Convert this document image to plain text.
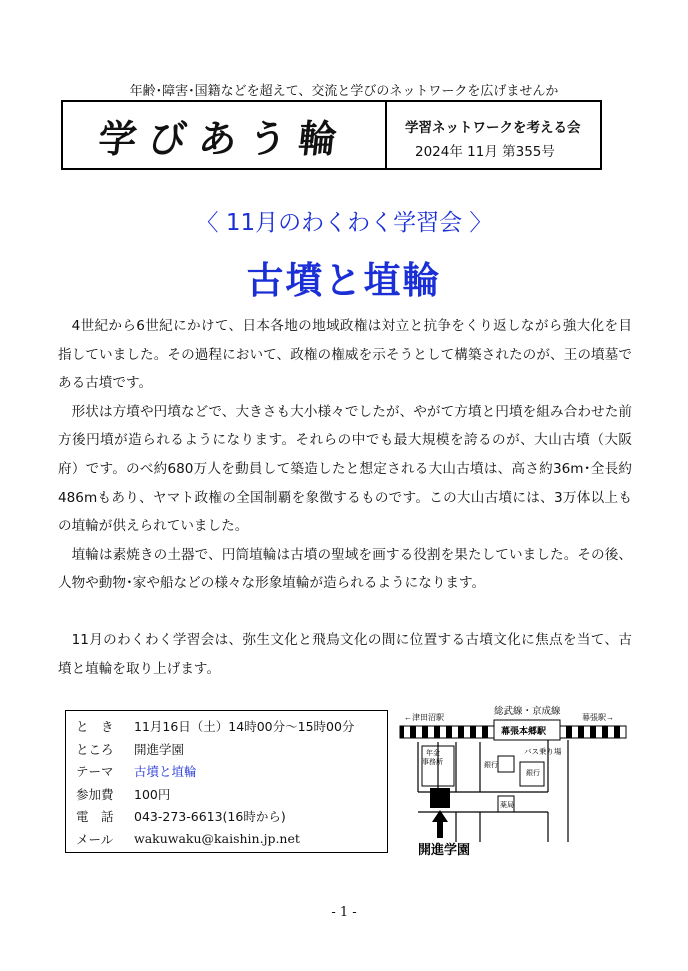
年齢･障害･国籍などを超えて、交流と学びのネットワークを広げませんか
学びあう輪	学習ネットワークを考える会
2024年 11月 第355号
〈 11月のわくわく学習会 〉
古墳と埴輪

4世紀から6世紀にかけて、日本各地の地域政権は対立と抗争をくり返しながら強大化を目指していました。その過程において、政権の権威を示そうとして構築されたのが、王の墳墓である古墳です。

形状は方墳や円墳などで、大きさも大小様々でしたが、やがて方墳と円墳を組み合わせた前方後円墳が造られるようになります。それらの中でも最大規模を誇るのが、大山古墳（大阪府）です。のべ約680万人を動員して築造したと想定される大山古墳は、高さ約36m･全長約486mもあり、ヤマト政権の全国制覇を象徴するものです。この大山古墳には、3万体以上もの埴輪が供えられていました。

埴輪は素焼きの土器で、円筒埴輪は古墳の聖域を画する役割を果たしていました。その後、人物や動物･家や船などの様々な形象埴輪が造られるようになります。

11月のわくわく学習会は、弥生文化と飛鳥文化の間に位置する古墳文化に焦点を当て、古墳と埴輪を取り上げます。

と　き	11月16日（土）14時00分～15時00分
ところ	開進学園
テーマ	古墳と埴輪
参加費	100円
電　話	043-273-6613(16時から)
メール	wakuwaku@kaishin.jp.net
←津田沼駅
総武線・京成線
幕張駅→
幕張本郷駅
年金事務所	銀行
銀行
薬局
バス乗り場
開進学園
- 1 -
